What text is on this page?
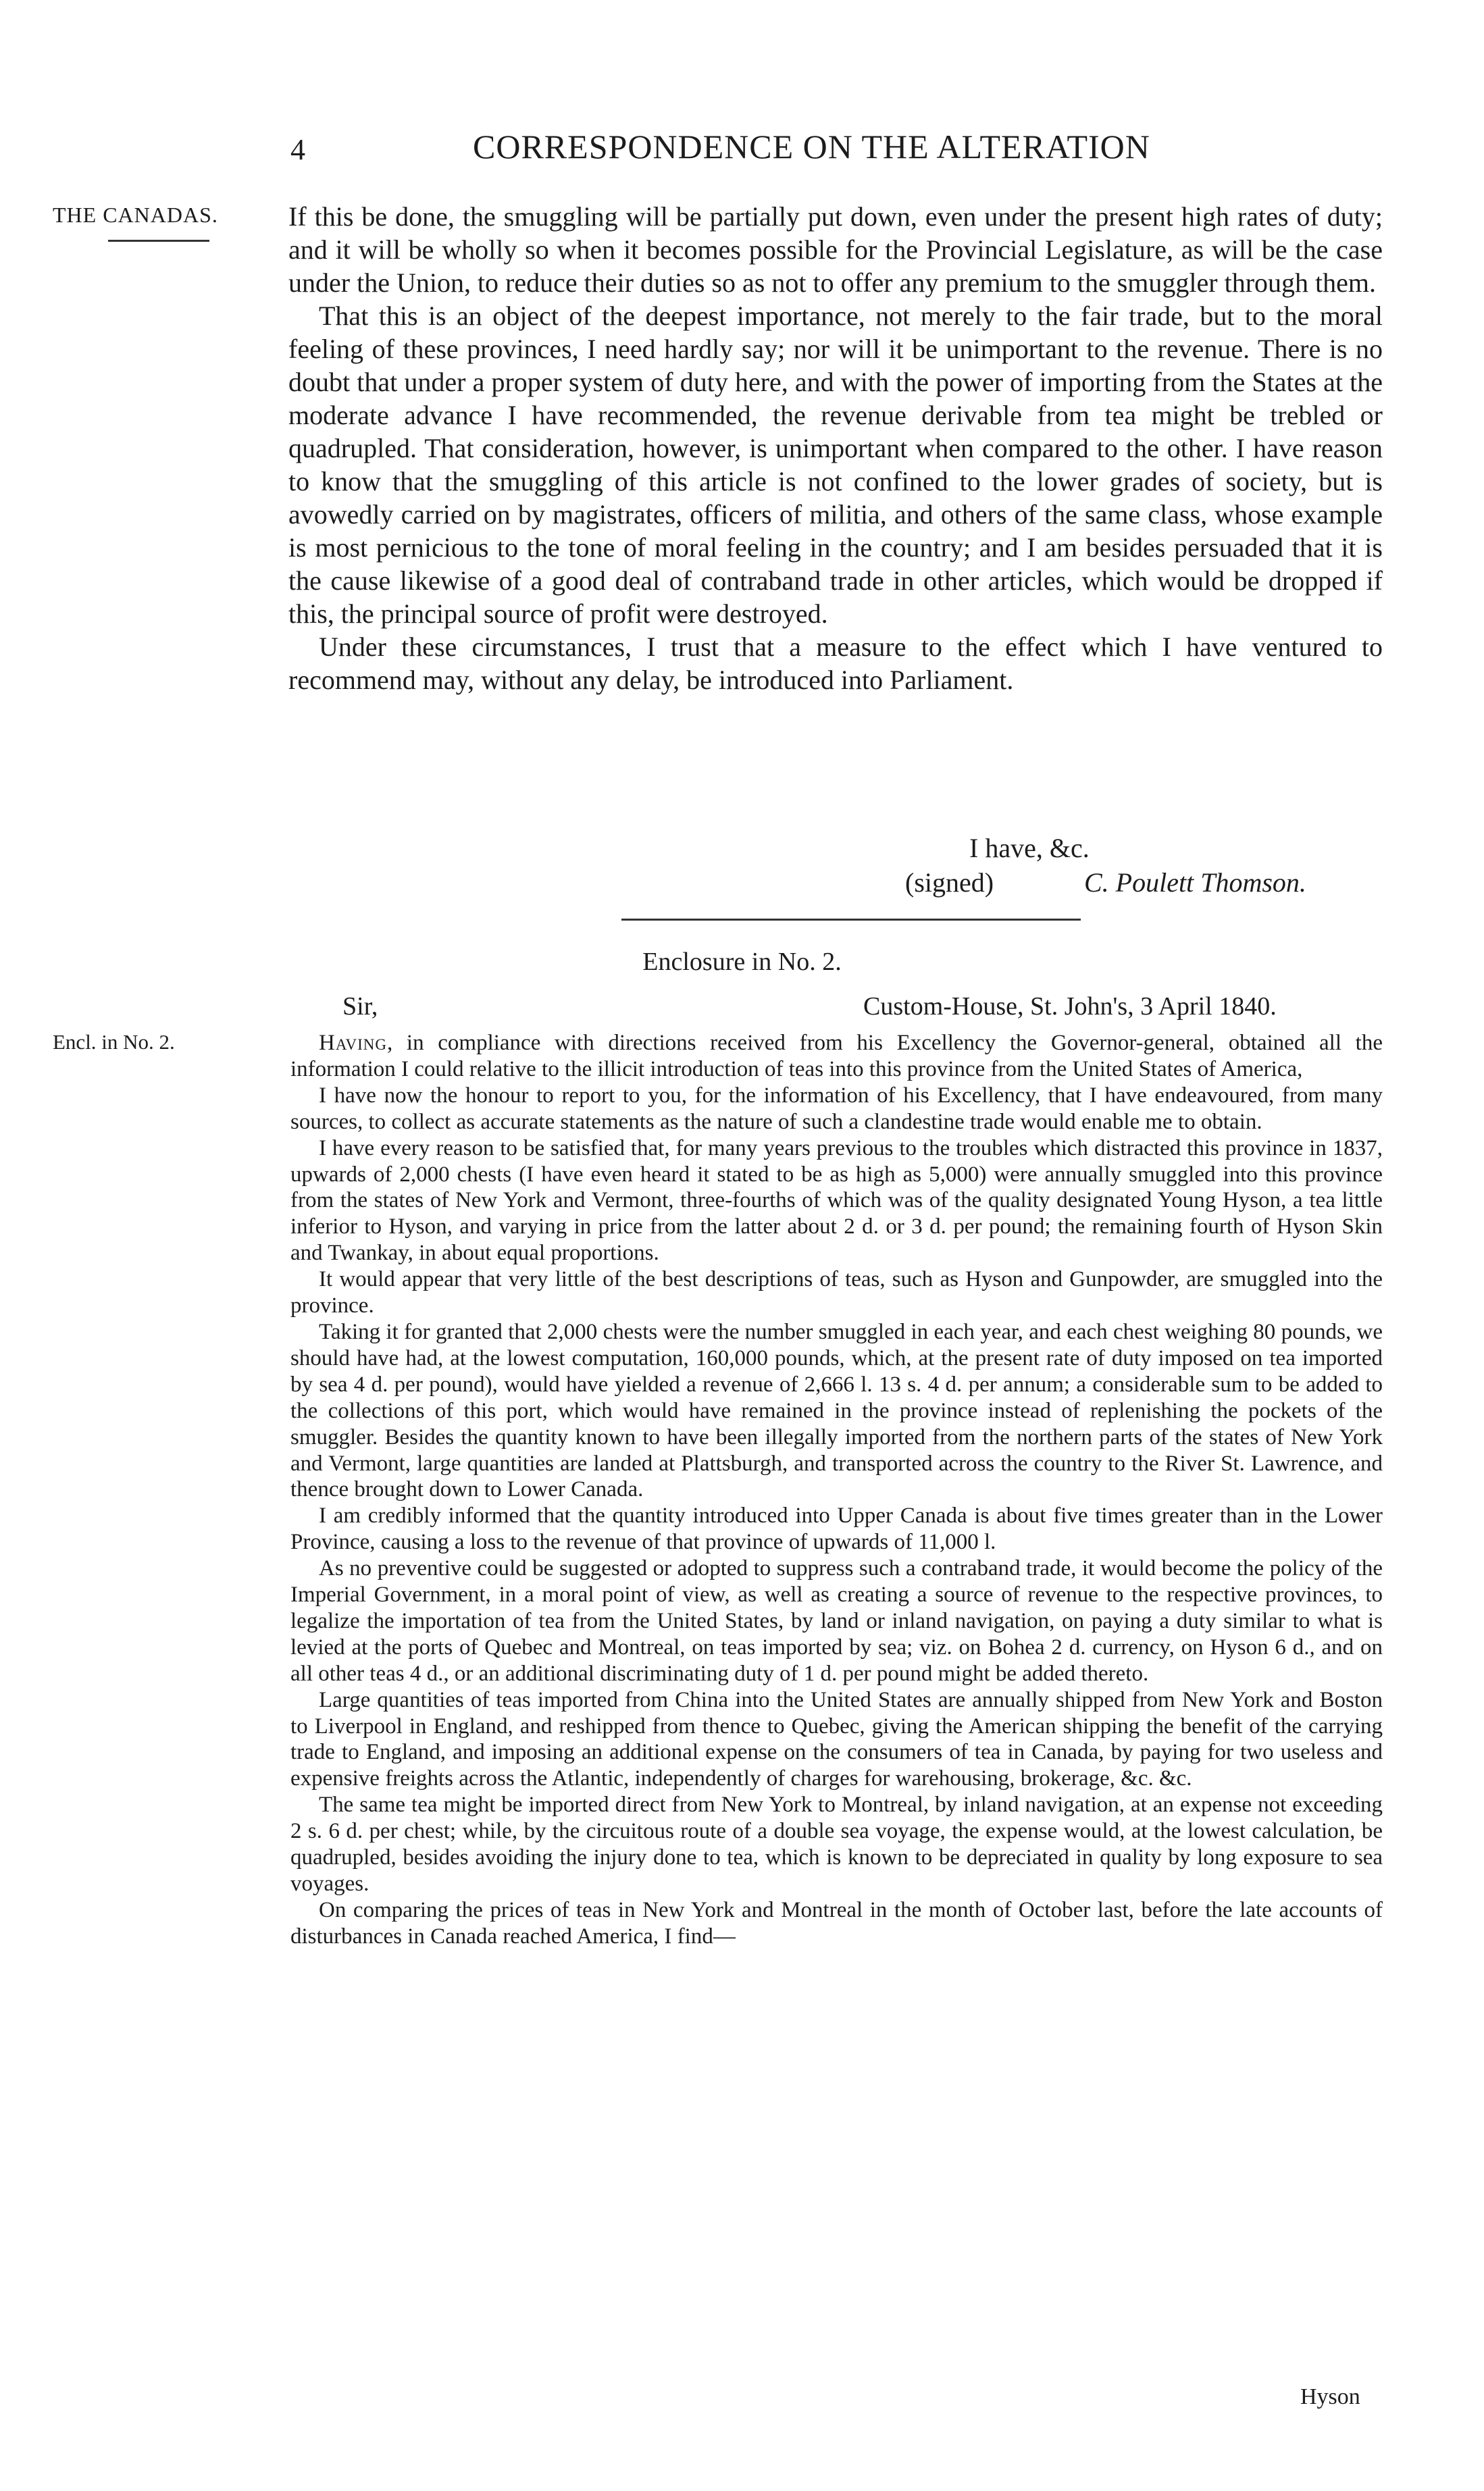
4	CORRESPONDENCE ON THE ALTERATION
THE CANADAS.	If this be done, the smuggling will be partially put down, even under the present high rates of duty; and it will be wholly so when it becomes possible for the Provincial Legislature, as will be the case under the Union, to reduce their duties so as not to offer any premium to the smuggler through them.

That this is an object of the deepest importance, not merely to the fair trade, but to the moral feeling of these provinces, I need hardly say; nor will it be unimportant to the revenue. There is no doubt that under a proper system of duty here, and with the power of importing from the States at the moderate advance I have recommended, the revenue derivable from tea might be trebled or quadrupled. That consideration, however, is unimportant when compared to the other. I have reason to know that the smuggling of this article is not confined to the lower grades of society, but is avowedly carried on by magistrates, officers of militia, and others of the same class, whose example is most pernicious to the tone of moral feeling in the country; and I am besides persuaded that it is the cause likewise of a good deal of contraband trade in other articles, which would be dropped if this, the principal source of profit were destroyed.

Under these circumstances, I trust that a measure to the effect which I have ventured to recommend may, without any delay, be introduced into Parliament.

I have, &c.
(signed)	C. Poulett Thomson.
Enclosure in No. 2.
Sir,	Custom-House, St. John's, 3 April 1840.
Encl. in No. 2.	Having, in compliance with directions received from his Excellency the Governor-general, obtained all the information I could relative to the illicit introduction of teas into this province from the United States of America,

I have now the honour to report to you, for the information of his Excellency, that I have endeavoured, from many sources, to collect as accurate statements as the nature of such a clandestine trade would enable me to obtain.

I have every reason to be satisfied that, for many years previous to the troubles which distracted this province in 1837, upwards of 2,000 chests (I have even heard it stated to be as high as 5,000) were annually smuggled into this province from the states of New York and Vermont, three-fourths of which was of the quality designated Young Hyson, a tea little inferior to Hyson, and varying in price from the latter about 2 d. or 3 d. per pound; the remaining fourth of Hyson Skin and Twankay, in about equal proportions.

It would appear that very little of the best descriptions of teas, such as Hyson and Gunpowder, are smuggled into the province.

Taking it for granted that 2,000 chests were the number smuggled in each year, and each chest weighing 80 pounds, we should have had, at the lowest computation, 160,000 pounds, which, at the present rate of duty imposed on tea imported by sea 4 d. per pound), would have yielded a revenue of 2,666 l. 13 s. 4 d. per annum; a considerable sum to be added to the collections of this port, which would have remained in the province instead of replenishing the pockets of the smuggler. Besides the quantity known to have been illegally imported from the northern parts of the states of New York and Vermont, large quantities are landed at Plattsburgh, and transported across the country to the River St. Lawrence, and thence brought down to Lower Canada.

I am credibly informed that the quantity introduced into Upper Canada is about five times greater than in the Lower Province, causing a loss to the revenue of that province of upwards of 11,000 l.

As no preventive could be suggested or adopted to suppress such a contraband trade, it would become the policy of the Imperial Government, in a moral point of view, as well as creating a source of revenue to the respective provinces, to legalize the importation of tea from the United States, by land or inland navigation, on paying a duty similar to what is levied at the ports of Quebec and Montreal, on teas imported by sea; viz. on Bohea 2 d. currency, on Hyson 6 d., and on all other teas 4 d., or an additional discriminating duty of 1 d. per pound might be added thereto.

Large quantities of teas imported from China into the United States are annually shipped from New York and Boston to Liverpool in England, and reshipped from thence to Quebec, giving the American shipping the benefit of the carrying trade to England, and imposing an additional expense on the consumers of tea in Canada, by paying for two useless and expensive freights across the Atlantic, independently of charges for warehousing, brokerage, &c. &c.

The same tea might be imported direct from New York to Montreal, by inland navigation, at an expense not exceeding 2 s. 6 d. per chest; while, by the circuitous route of a double sea voyage, the expense would, at the lowest calculation, be quadrupled, besides avoiding the injury done to tea, which is known to be depreciated in quality by long exposure to sea voyages.

On comparing the prices of teas in New York and Montreal in the month of October last, before the late accounts of disturbances in Canada reached America, I find—

Hyson
